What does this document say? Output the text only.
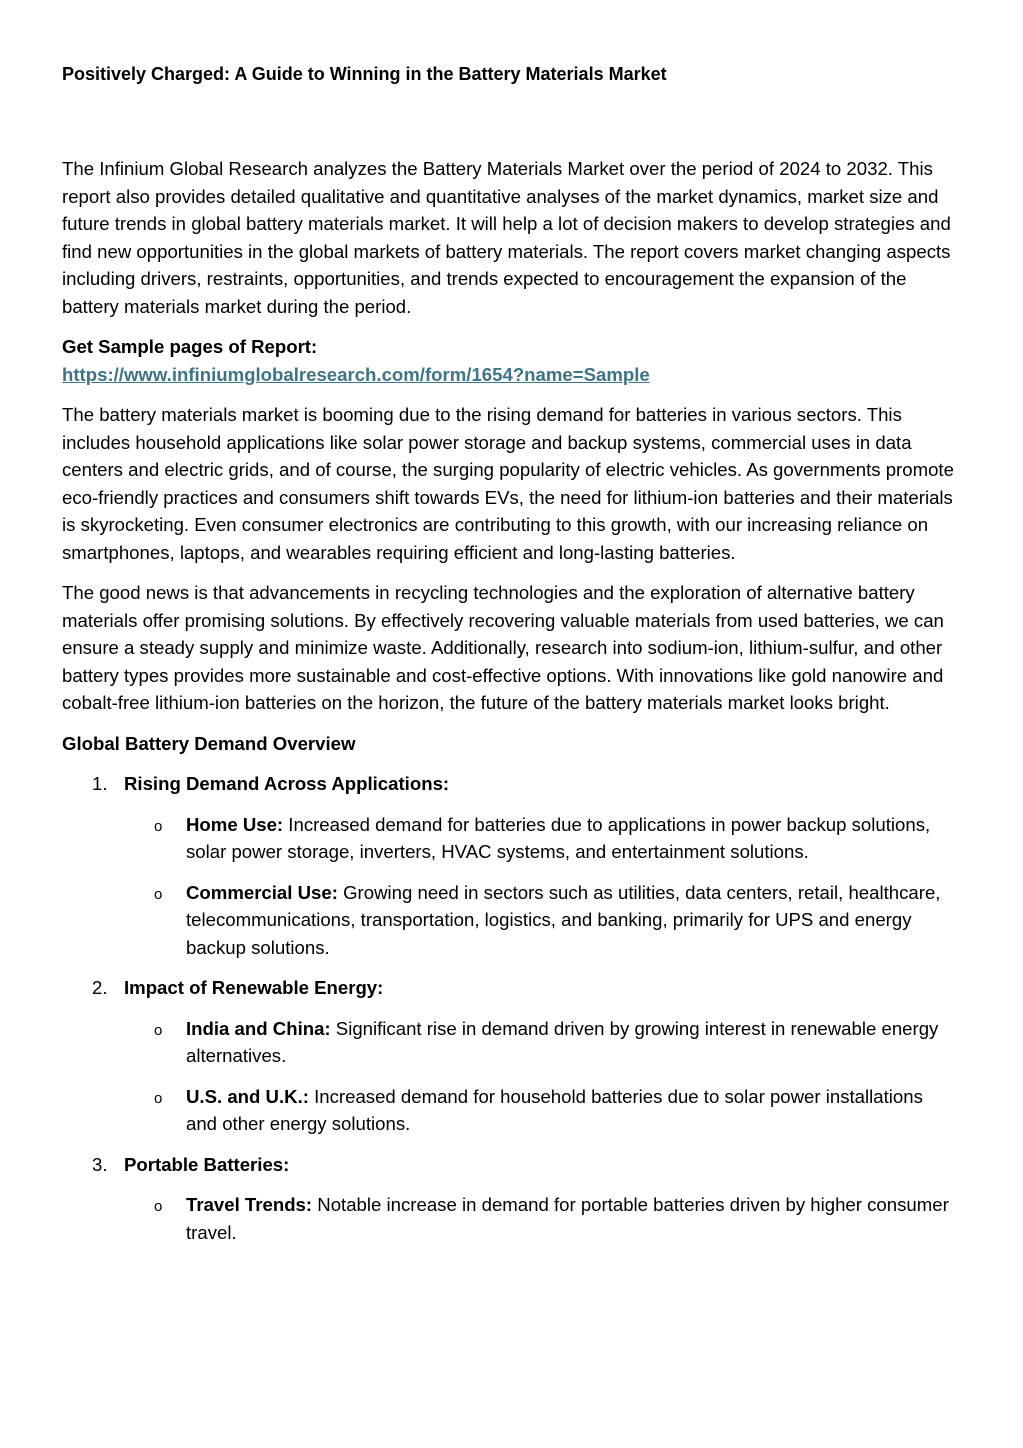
Positively Charged: A Guide to Winning in the Battery Materials Market

The Infinium Global Research analyzes the Battery Materials Market over the period of 2024 to 2032. This report also provides detailed qualitative and quantitative analyses of the market dynamics, market size and future trends in global battery materials market. It will help a lot of decision makers to develop strategies and find new opportunities in the global markets of battery materials. The report covers market changing aspects including drivers, restraints, opportunities, and trends expected to encouragement the expansion of the battery materials market during the period.

Get Sample pages of Report:
https://www.infiniumglobalresearch.com/form/1654?name=Sample

The battery materials market is booming due to the rising demand for batteries in various sectors. This includes household applications like solar power storage and backup systems, commercial uses in data centers and electric grids, and of course, the surging popularity of electric vehicles. As governments promote eco-friendly practices and consumers shift towards EVs, the need for lithium-ion batteries and their materials is skyrocketing. Even consumer electronics are contributing to this growth, with our increasing reliance on smartphones, laptops, and wearables requiring efficient and long-lasting batteries.

The good news is that advancements in recycling technologies and the exploration of alternative battery materials offer promising solutions. By effectively recovering valuable materials from used batteries, we can ensure a steady supply and minimize waste. Additionally, research into sodium-ion, lithium-sulfur, and other battery types provides more sustainable and cost-effective options. With innovations like gold nanowire and cobalt-free lithium-ion batteries on the horizon, the future of the battery materials market looks bright.

Global Battery Demand Overview
1. Rising Demand Across Applications:
o Home Use: Increased demand for batteries due to applications in power backup solutions, solar power storage, inverters, HVAC systems, and entertainment solutions.
o Commercial Use: Growing need in sectors such as utilities, data centers, retail, healthcare, telecommunications, transportation, logistics, and banking, primarily for UPS and energy backup solutions.
2. Impact of Renewable Energy:
o India and China: Significant rise in demand driven by growing interest in renewable energy alternatives.
o U.S. and U.K.: Increased demand for household batteries due to solar power installations and other energy solutions.
3. Portable Batteries:
o Travel Trends: Notable increase in demand for portable batteries driven by higher consumer travel.
